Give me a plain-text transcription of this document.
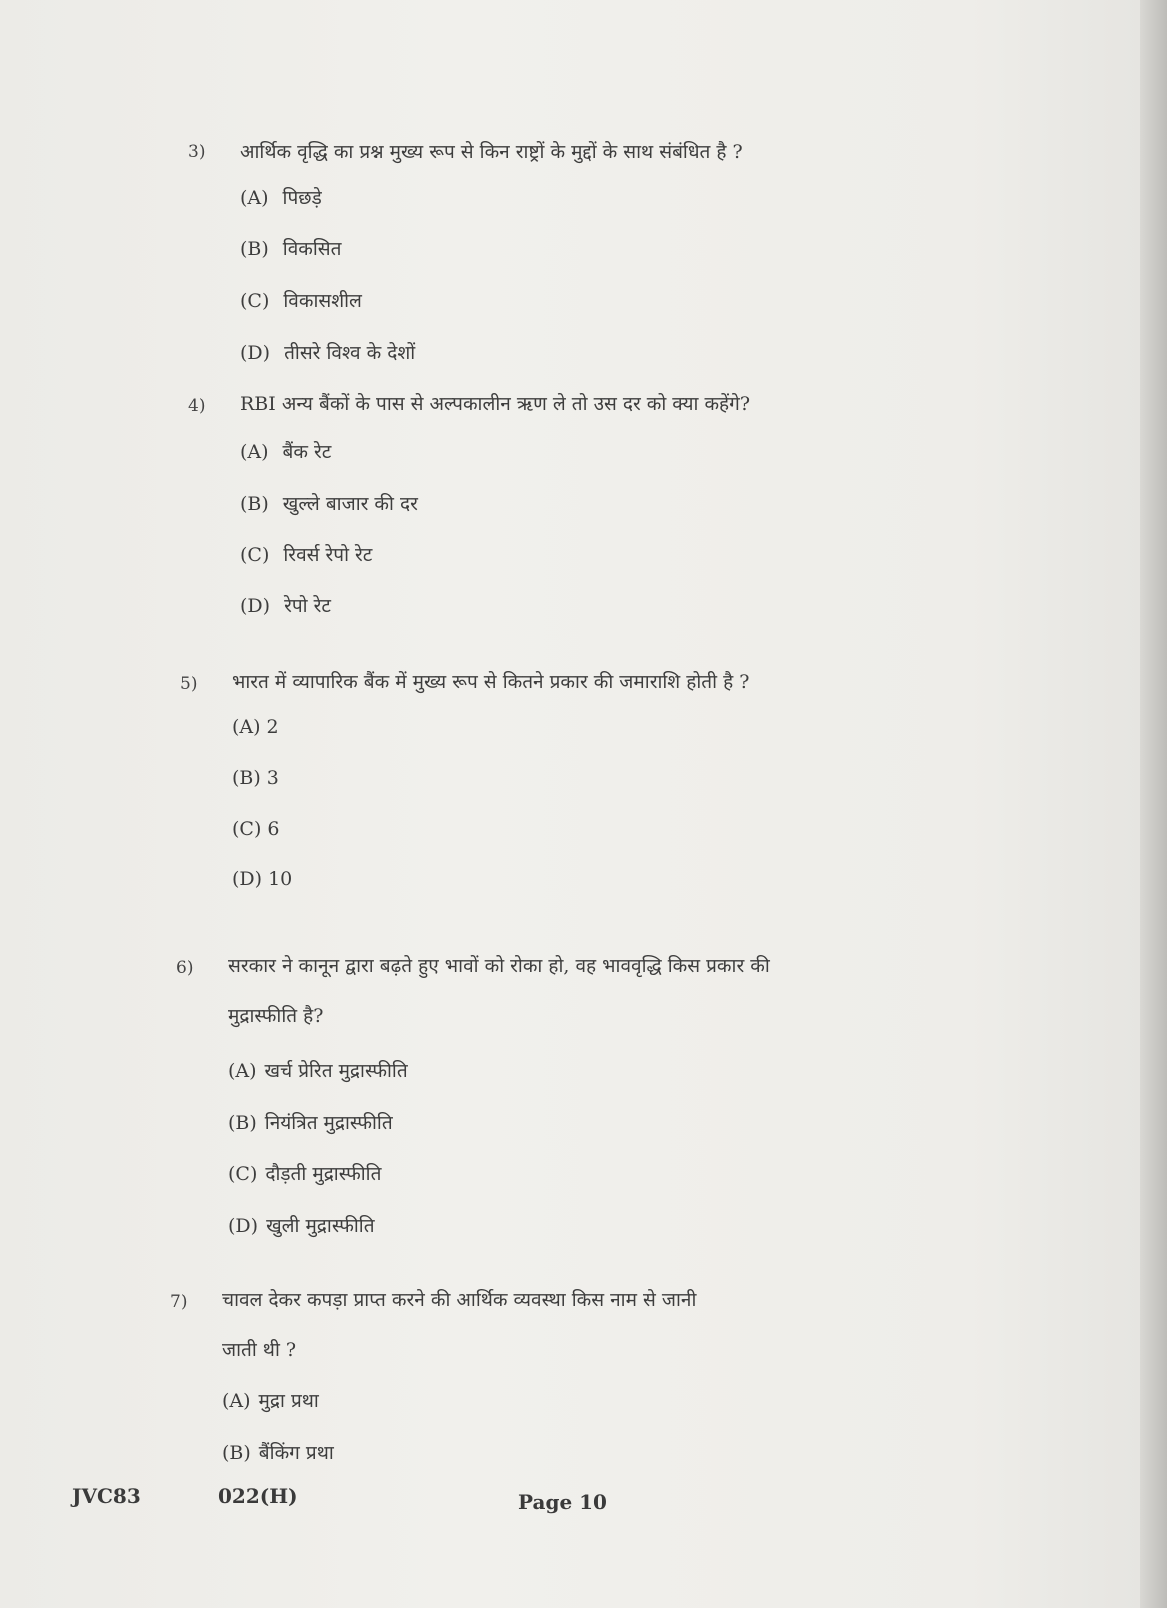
3) आर्थिक वृद्धि का प्रश्न मुख्य रूप से किन राष्ट्रों के मुद्दों के साथ संबंधित है ?
(A) पिछड़े
(B) विकसित
(C) विकासशील
(D) तीसरे विश्व के देशों
4) RBI अन्य बैंकों के पास से अल्पकालीन ऋण ले तो उस दर को क्या कहेंगे?
(A) बैंक रेट
(B) खुल्ले बाजार की दर
(C) रिवर्स रेपो रेट
(D) रेपो रेट
5) भारत में व्यापारिक बैंक में मुख्य रूप से कितने प्रकार की जमाराशि होती है ?
(A) 2
(B) 3
(C) 6
(D) 10
6) सरकार ने कानून द्वारा बढ़ते हुए भावों को रोका हो, वह भाववृद्धि किस प्रकार की
मुद्रास्फीति है?
(A) खर्च प्रेरित मुद्रास्फीति
(B) नियंत्रित मुद्रास्फीति
(C) दौड़ती मुद्रास्फीति
(D) खुली मुद्रास्फीति
7) चावल देकर कपड़ा प्राप्त करने की आर्थिक व्यवस्था किस नाम से जानी
जाती थी ?
(A) मुद्रा प्रथा
(B) बैंकिंग प्रथा
JVC83	022(H)	Page 10
